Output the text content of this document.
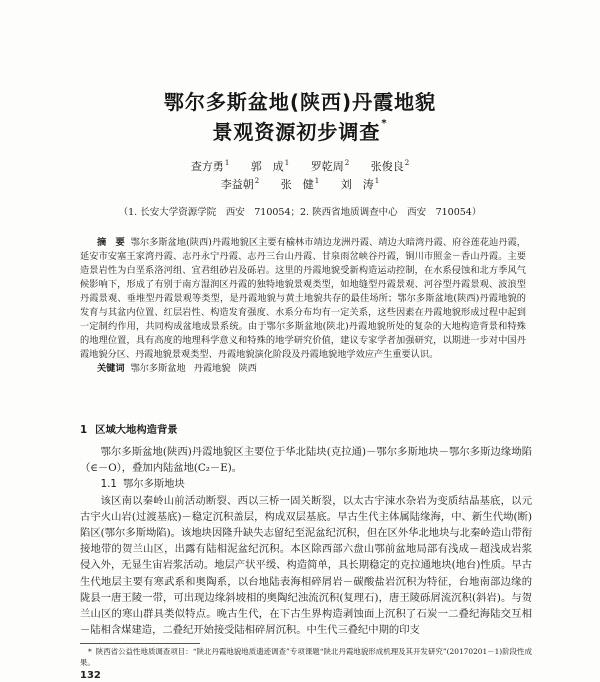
鄂尔多斯盆地(陕西)丹霞地貌
景观资源初步调查*
查方勇$^1$ 郭　成$^1$ 罗乾周$^2$ 张俊良$^2$
李益朝$^2$ 张　健$^1$ 刘　涛$^1$
（1. 长安大学资源学院　西安　710054；2. 陕西省地质调查中心　西安　710054）

摘　要 鄂尔多斯盆地(陕西)丹霞地貌区主要有榆林市靖边龙洲丹霞、靖边大暗湾丹霞、府谷莲花辿丹霞，延安市安塞王家湾丹霞、志丹永宁丹霞、志丹三台山丹霞、甘泉雨岔峡谷丹霞，铜川市照金－香山丹霞。主要造景岩性为白垩系洛河组、宜君组砂岩及砾岩。这里的丹霞地貌受新构造运动控制，在水系侵蚀和北方季风气候影响下，形成了有别于南方湿润区丹霞的独特地貌景观类型，如地缝型丹霞景观、河谷型丹霞景观、波浪型丹霞景观、垂堆型丹霞景观等类型，是丹霞地貌与黄土地貌共存的最佳场所；鄂尔多斯盆地(陕西)丹霞地貌的发育与其盆内位置、红层岩性、构造发育强度、水系分布均有一定关系，这些因素在丹霞地貌形成过程中起到一定制约作用，共同构成盆地成景系统。由于鄂尔多斯盆地(陕北)丹霞地貌所处的复杂的大地构造背景和特殊的地理位置，具有高度的地理科学意义和特殊的地学研究价值，建议专家学者加强研究，以期进一步对中国丹霞地貌分区、丹霞地貌景观类型、丹霞地貌演化阶段及丹霞地貌地学效应产生重要认识。

关键词 鄂尔多斯盆地 丹霞地貌 陕西

1 区域大地构造背景

鄂尔多斯盆地(陕西)丹霞地貌区主要位于华北陆块(克拉通)－鄂尔多斯地块－鄂尔多斯边缘坳陷（∈－O），叠加内陆盆地(C₂－E)。

1.1 鄂尔多斯地块

该区南以秦岭山前活动断裂、西以三桥一固关断裂，以太古宇涑水杂岩为变质结晶基底，以元古宇火山岩(过渡基底)－稳定沉积盖层，构成双层基底。早古生代主体属陆缘海，中、新生代坳(断)陷区(鄂尔多斯坳陷)。该地块因隆升缺失志留纪至泥盆纪沉积，但在区外华北地块与北秦岭造山带衔接地带的贺兰山区，出露有陆相泥盆纪沉积。本区除西部六盘山鄂前盆地局部有浅成－超浅成岩浆侵入外，无显生宙岩浆活动。地层产状平缓、构造简单，具长期稳定的克拉通地块(地台)性质。早古生代地层主要有寒武系和奥陶系，以台地陆表海相碎屑岩－碳酸盐岩沉积为特征，台地南部边缘的陇县一唐王陵一带，可出现边缘斜坡相的奥陶纪浊流沉积(复理石)，唐王陵砾屑流沉积(斜岩)。与贺兰山区的寒山群具类似特点。晚古生代，在下古生界构造剥蚀面上沉积了石炭一二叠纪海陆交互相－陆相含煤建造，二叠纪开始接受陆相碎屑沉积。中生代三叠纪中期的印支

* 陕西省公益性地质调查项目：“陕北丹霞地貌地质遗迹调查”专项课题“陕北丹霞地貌形成机理及其开发研究”(20170201－1)阶段性成果。

132
